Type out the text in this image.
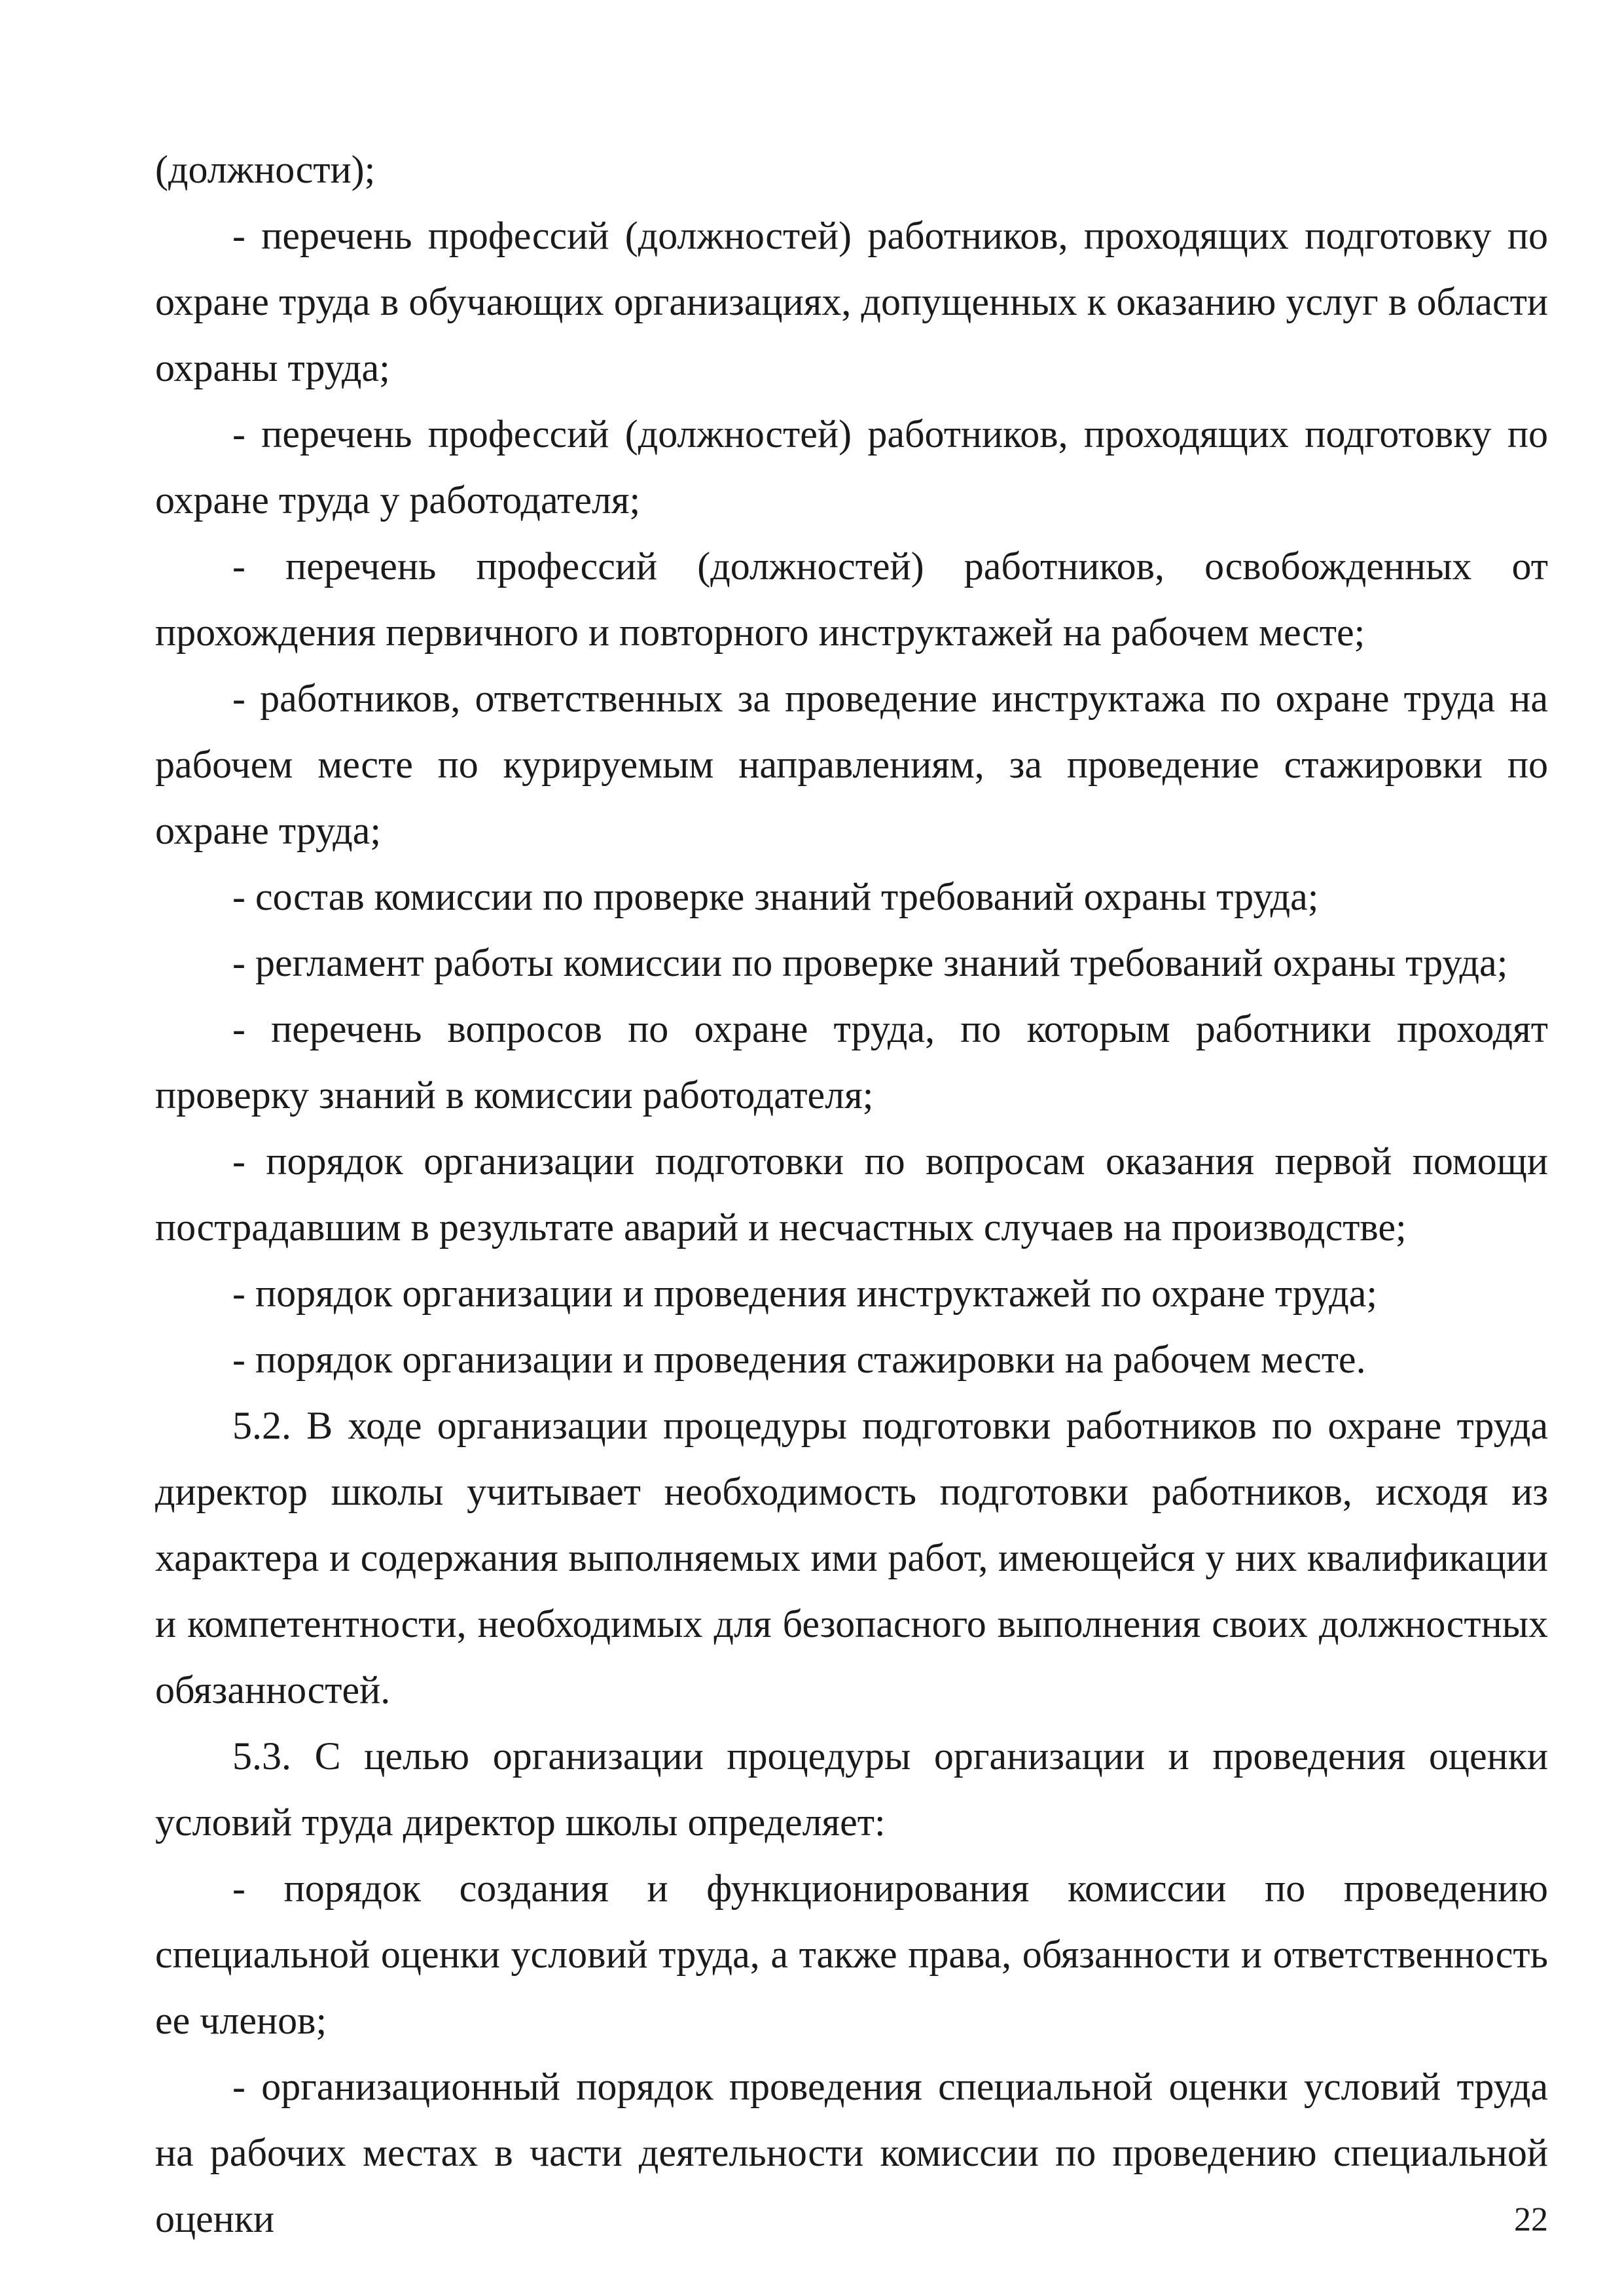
(должности);

- перечень профессий (должностей) работников, проходящих подготовку по охране труда в обучающих организациях, допущенных к оказанию услуг в области охраны труда;

- перечень профессий (должностей) работников, проходящих подготовку по охране труда у работодателя;

- перечень профессий (должностей) работников, освобожденных от прохождения первичного и повторного инструктажей на рабочем месте;

- работников, ответственных за проведение инструктажа по охране труда на рабочем месте по курируемым направлениям, за проведение стажировки по охране труда;

- состав комиссии по проверке знаний требований охраны труда;

- регламент работы комиссии по проверке знаний требований охраны труда;

- перечень вопросов по охране труда, по которым работники проходят проверку знаний в комиссии работодателя;

- порядок организации подготовки по вопросам оказания первой помощи пострадавшим в результате аварий и несчастных случаев на производстве;

- порядок организации и проведения инструктажей по охране труда;

- порядок организации и проведения стажировки на рабочем месте.

5.2. В ходе организации процедуры подготовки работников по охране труда директор школы учитывает необходимость подготовки работников, исходя из характера и содержания выполняемых ими работ, имеющейся у них квалификации и компетентности, необходимых для безопасного выполнения своих должностных обязанностей.

5.3. С целью организации процедуры организации и проведения оценки условий труда директор школы определяет:

- порядок создания и функционирования комиссии по проведению специальной оценки условий труда, а также права, обязанности и ответственность ее членов;

- организационный порядок проведения специальной оценки условий труда на рабочих местах в части деятельности комиссии по проведению специальной оценки	22
